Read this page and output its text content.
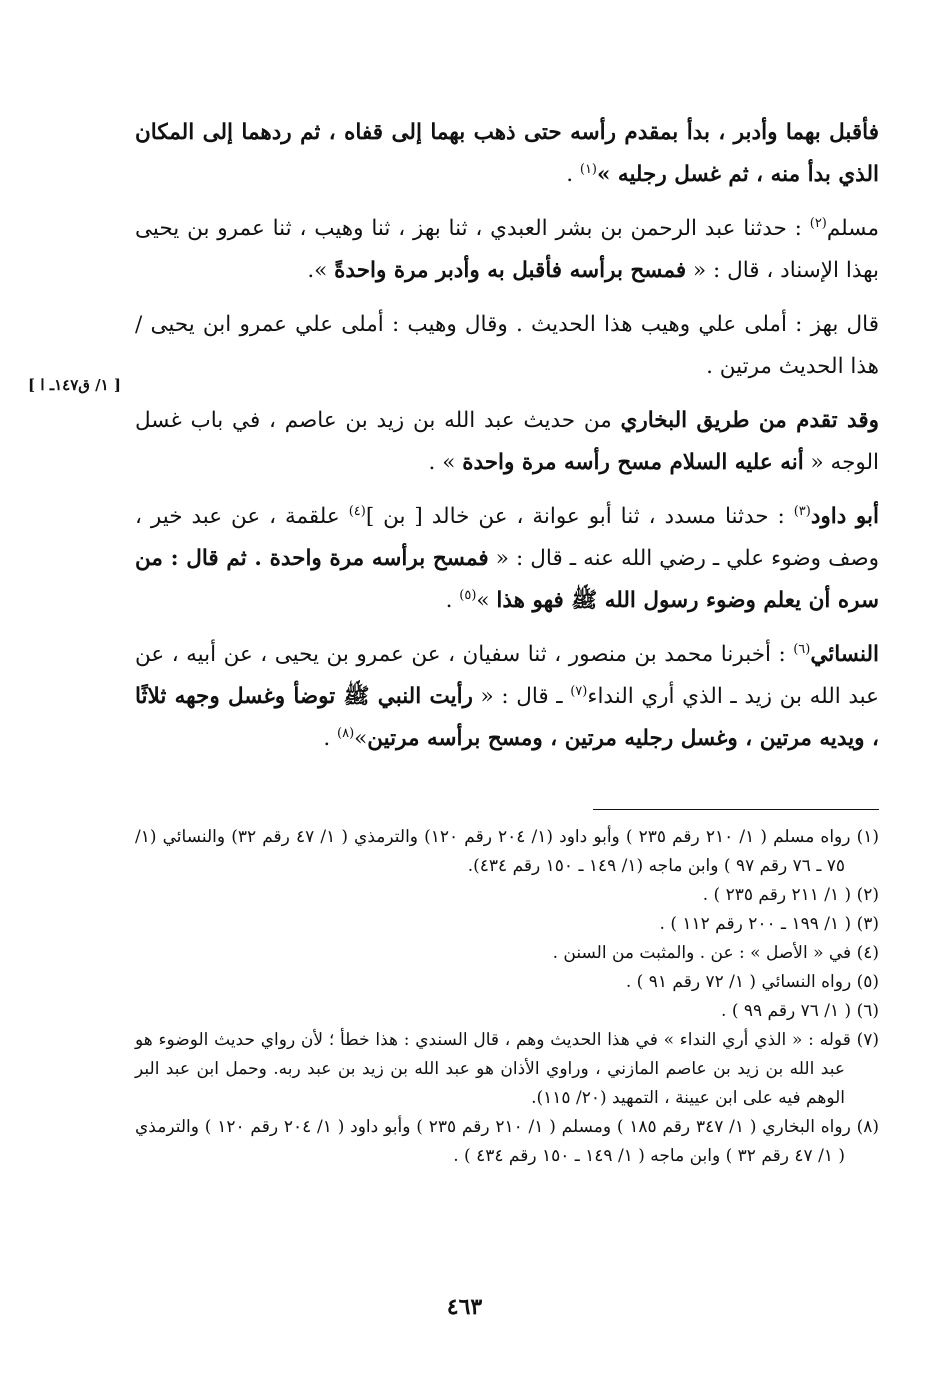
فأقبل بهما وأدبر ، بدأ بمقدم رأسه حتى ذهب بهما إلى قفاه ، ثم ردهما إلى المكان الذي بدأ منه ، ثم غسل رجليه »$^{(١)}$ .

مسلم$^{(٢)}$ : حدثنا عبد الرحمن بن بشر العبدي ، ثنا بهز ، ثنا وهيب ، ثنا عمرو بن يحيى بهذا الإسناد ، قال : « فمسح برأسه فأقبل به وأدبر مرة واحدةً ».

قال بهز : أملى علي وهيب هذا الحديث . وقال وهيب : أملى علي عمرو ابن يحيى / هذا الحديث مرتين .

وقد تقدم من طريق البخاري من حديث عبد الله بن زيد بن عاصم ، في باب غسل الوجه « أنه عليه السلام مسح رأسه مرة واحدة » .

أبو داود$^{(٣)}$ : حدثنا مسدد ، ثنا أبو عوانة ، عن خالد [ بن ]$^{(٤)}$ علقمة ، عن عبد خير ، وصف وضوء علي ـ رضي الله عنه ـ قال : « فمسح برأسه مرة واحدة . ثم قال : من سره أن يعلم وضوء رسول الله ﷺ فهو هذا »$^{(٥)}$ .

النسائي$^{(٦)}$ : أخبرنا محمد بن منصور ، ثنا سفيان ، عن عمرو بن يحيى ، عن أبيه ، عن عبد الله بن زيد ـ الذي أري النداء$^{(٧)}$ ـ قال : « رأيت النبي ﷺ توضأ وغسل وجهه ثلاثًا ، ويديه مرتين ، وغسل رجليه مرتين ، ومسح برأسه مرتين»$^{(٨)}$ .

[ ١/ ق١٤٧ـ ا ]

(١) رواه مسلم ( ١/ ٢١٠ رقم ٢٣٥ ) وأبو داود (١/ ٢٠٤ رقم ١٢٠) والترمذي ( ١/ ٤٧ رقم ٣٢) والنسائي (١/ ٧٥ ـ ٧٦ رقم ٩٧ ) وابن ماجه (١/ ١٤٩ ـ ١٥٠ رقم ٤٣٤).

(٢) ( ١/ ٢١١ رقم ٢٣٥ ) .

(٣) ( ١/ ١٩٩ ـ ٢٠٠ رقم ١١٢ ) .

(٤) في « الأصل » : عن . والمثبت من السنن .

(٥) رواه النسائي ( ١/ ٧٢ رقم ٩١ ) .

(٦) ( ١/ ٧٦ رقم ٩٩ ) .

(٧) قوله : « الذي أري النداء » في هذا الحديث وهم ، قال السندي : هذا خطأ ؛ لأن رواي حديث الوضوء هو عبد الله بن زيد بن عاصم المازني ، وراوي الأذان هو عبد الله بن زيد بن عبد ربه. وحمل ابن عبد البر الوهم فيه على ابن عيينة ، التمهيد (٢٠/ ١١٥).

(٨) رواه البخاري ( ١/ ٣٤٧ رقم ١٨٥ ) ومسلم ( ١/ ٢١٠ رقم ٢٣٥ ) وأبو داود ( ١/ ٢٠٤ رقم ١٢٠ ) والترمذي ( ١/ ٤٧ رقم ٣٢ ) وابن ماجه ( ١/ ١٤٩ ـ ١٥٠ رقم ٤٣٤ ) .

٤٦٣
